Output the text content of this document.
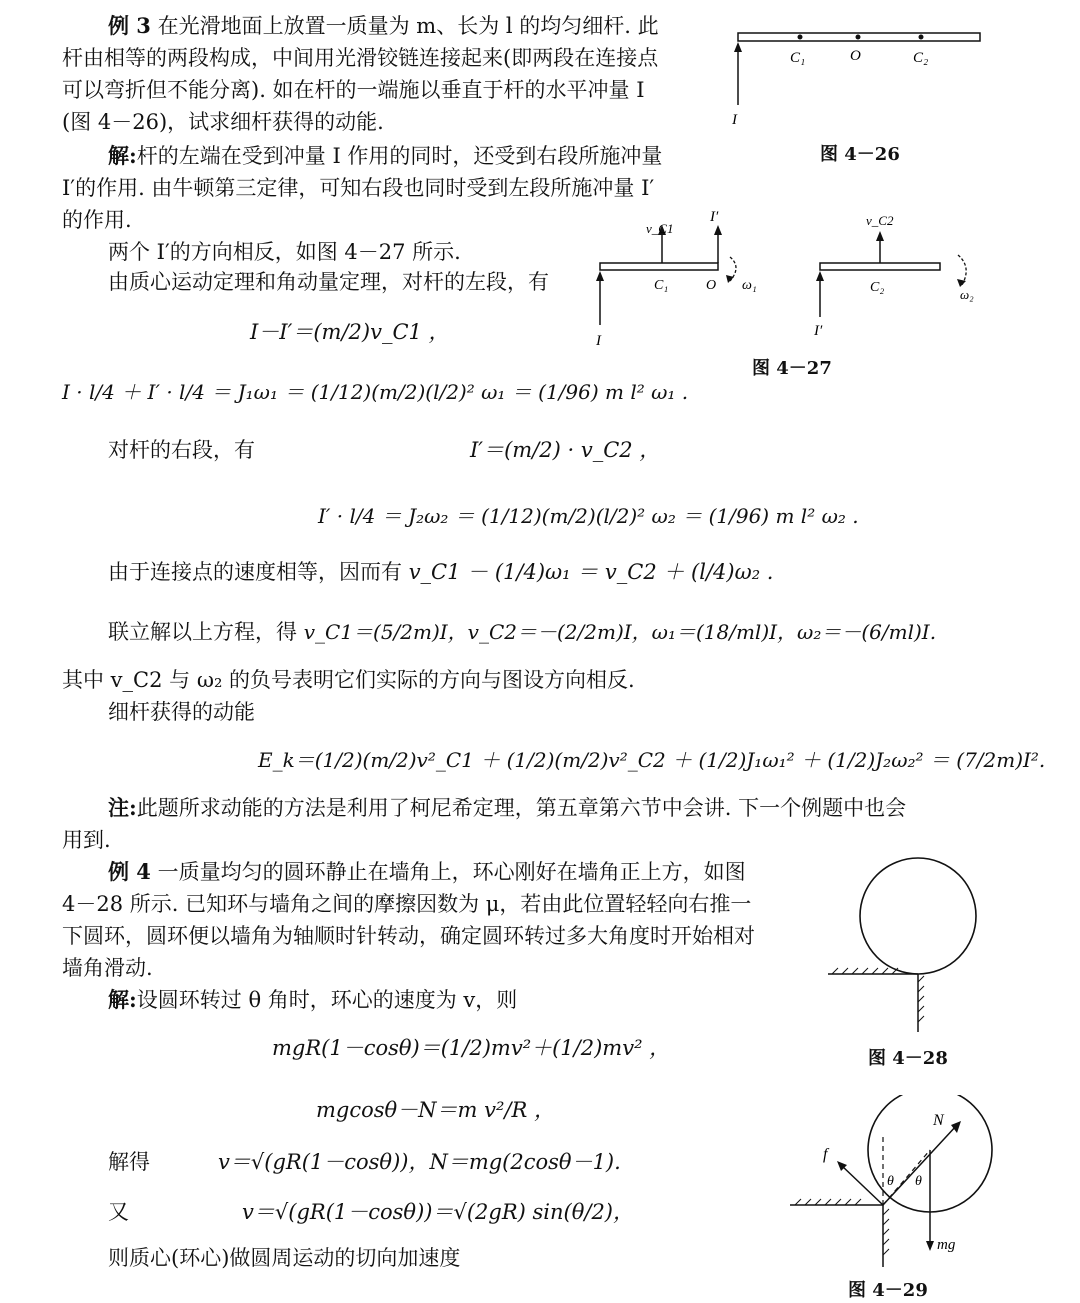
例 3 在光滑地面上放置一质量为 m、长为 l 的均匀细杆. 此
杆由相等的两段构成，中间用光滑铰链连接起来(即两段在连接点
可以弯折但不能分离). 如在杆的一端施以垂直于杆的水平冲量 I
(图 4－26)，试求细杆获得的动能.
解:杆的左端在受到冲量 I 作用的同时，还受到右段所施冲量
I′的作用. 由牛顿第三定律，可知右段也同时受到左段所施冲量 I′
的作用.
两个 I′的方向相反，如图 4－27 所示.
由质心运动定理和角动量定理，对杆的左段，有
I－I′＝(m/2)v_C1 ，
I · l/4 ＋ I′ · l/4 ＝ J₁ω₁ ＝ (1/12)(m/2)(l/2)² ω₁ ＝ (1/96) m l² ω₁ .
对杆的右段，有	I′＝(m/2) · v_C2 ，
I′ · l/4 ＝ J₂ω₂ ＝ (1/12)(m/2)(l/2)² ω₂ ＝ (1/96) m l² ω₂ .
由于连接点的速度相等，因而有 v_C1 － (1/4)ω₁ ＝ v_C2 ＋ (l/4)ω₂ .
联立解以上方程，得 v_C1＝(5/2m)I，v_C2＝－(2/2m)I，ω₁＝(18/ml)I，ω₂＝－(6/ml)I.
其中 v_C2 与 ω₂ 的负号表明它们实际的方向与图设方向相反.
细杆获得的动能
E_k＝(1/2)(m/2)v²_C1 ＋ (1/2)(m/2)v²_C2 ＋ (1/2)J₁ω₁² ＋ (1/2)J₂ω₂² ＝ (7/2m)I².
注:此题所求动能的方法是利用了柯尼希定理，第五章第六节中会讲. 下一个例题中也会
用到.
例 4 一质量均匀的圆环静止在墙角上，环心刚好在墙角正上方，如图
4－28 所示. 已知环与墙角之间的摩擦因数为 μ，若由此位置轻轻向右推一
下圆环，圆环便以墙角为轴顺时针转动，确定圆环转过多大角度时开始相对
墙角滑动.
解:设圆环转过 θ 角时，环心的速度为 v，则
mgR(1－cosθ)＝(1/2)mv²＋(1/2)mv² ，
mgcosθ－N＝m v²/R ，
解得	v＝√(gR(1－cosθ))，N＝mg(2cosθ－1).
又	v＝√(gR(1－cosθ))＝√(2gR) sin(θ/2)，
则质心(环心)做圆周运动的切向加速度
C₁	O	C₂
I
图 4－26
v_C1
I′
C₁	O ω₁
I
v_C2
C₂	ω₂
I′
图 4－27
图 4－28
N
f
θ θ
mg
图 4－29
